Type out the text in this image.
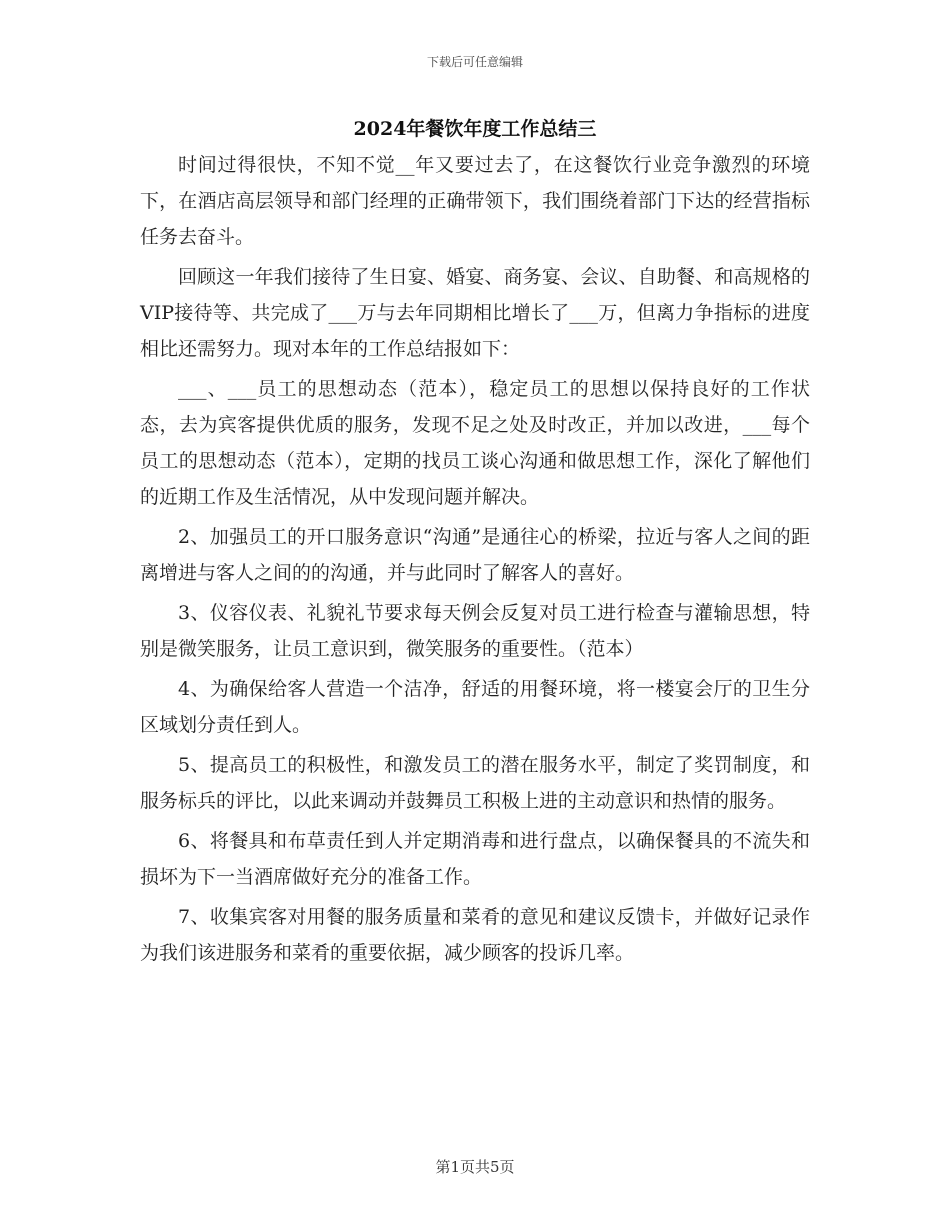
下载后可任意编辑
2024年餐饮年度工作总结三

时间过得很快，不知不觉__年又要过去了，在这餐饮行业竞争激烈的环境下，在酒店高层领导和部门经理的正确带领下，我们围绕着部门下达的经营指标任务去奋斗。

回顾这一年我们接待了生日宴、婚宴、商务宴、会议、自助餐、和高规格的VIP接待等、共完成了___万与去年同期相比增长了___万，但离力争指标的进度相比还需努力。现对本年的工作总结报如下：

___、___员工的思想动态（范本），稳定员工的思想以保持良好的工作状态，去为宾客提供优质的服务，发现不足之处及时改正，并加以改进，___每个员工的思想动态（范本），定期的找员工谈心沟通和做思想工作，深化了解他们的近期工作及生活情况，从中发现问题并解决。

2、加强员工的开口服务意识“沟通”是通往心的桥梁，拉近与客人之间的距离增进与客人之间的的沟通，并与此同时了解客人的喜好。

3、仪容仪表、礼貌礼节要求每天例会反复对员工进行检查与灌输思想，特别是微笑服务，让员工意识到，微笑服务的重要性。（范本）

4、为确保给客人营造一个洁净，舒适的用餐环境，将一楼宴会厅的卫生分区域划分责任到人。

5、提高员工的积极性，和激发员工的潜在服务水平，制定了奖罚制度，和服务标兵的评比，以此来调动并鼓舞员工积极上进的主动意识和热情的服务。

6、将餐具和布草责任到人并定期消毒和进行盘点，以确保餐具的不流失和损坏为下一当酒席做好充分的准备工作。

7、收集宾客对用餐的服务质量和菜肴的意见和建议反馈卡，并做好记录作为我们该进服务和菜肴的重要依据，减少顾客的投诉几率。

第1页共5页
